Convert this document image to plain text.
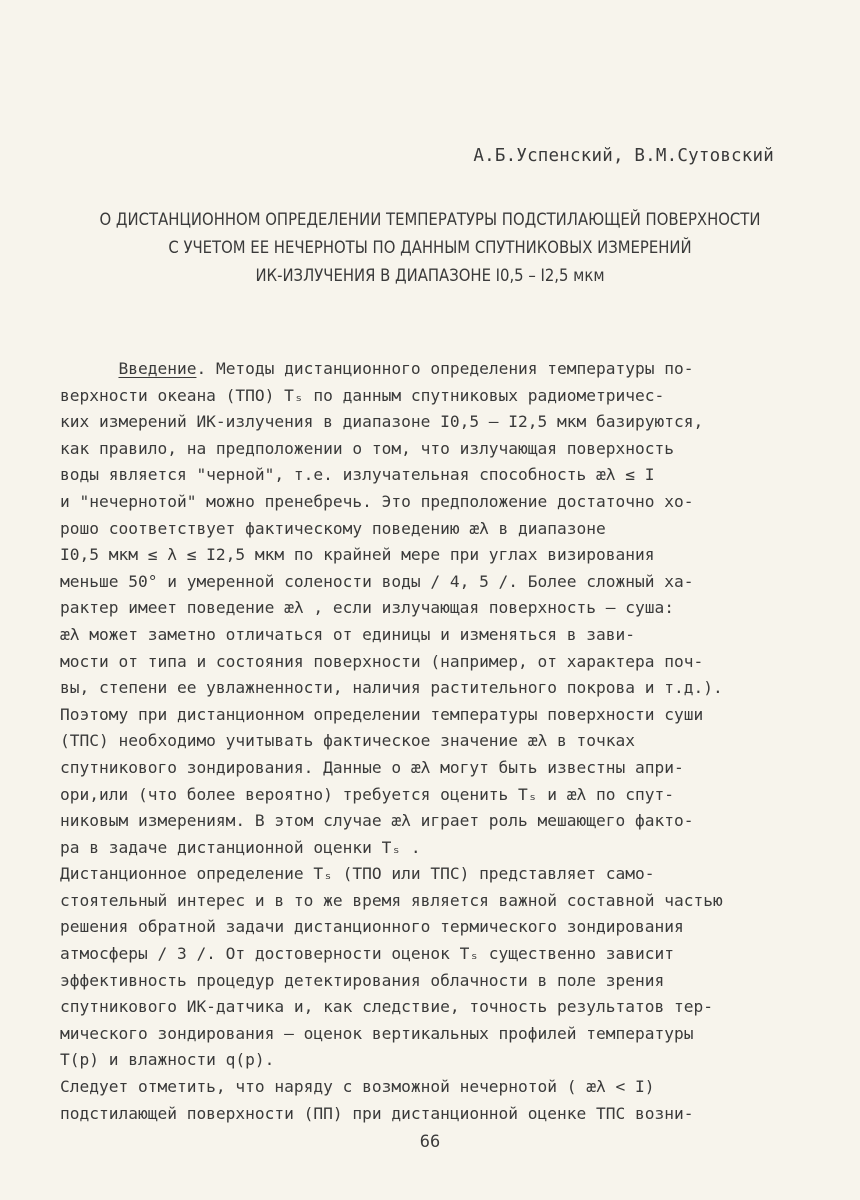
А.Б.Успенский, В.М.Сутовский
О ДИСТАНЦИОННОМ ОПРЕДЕЛЕНИИ ТЕМПЕРАТУРЫ ПОДСТИЛАЮЩЕЙ ПОВЕРХНОСТИ
С УЧЕТОМ ЕЕ НЕЧЕРНОТЫ ПО ДАННЫМ СПУТНИКОВЫХ ИЗМЕРЕНИЙ
ИК-ИЗЛУЧЕНИЯ В ДИАПАЗОНЕ I0,5 – I2,5 мкм
Введение. Методы дистанционного определения температуры по-
верхности океана (ТПО) Tₛ по данным спутниковых радиометричес-
ких измерений ИК-излучения в диапазоне I0,5 – I2,5 мкм базируются,
как правило, на предположении о том, что излучающая поверхность
воды является "черной", т.е. излучательная способность æλ ≤ I
и "нечернотой" можно пренебречь. Это предположение достаточно хо-
рошо соответствует фактическому поведению æλ в диапазоне
I0,5 мкм ≤ λ ≤ I2,5 мкм по крайней мере при углах визирования
меньше 50° и умеренной солености воды / 4, 5 /. Более сложный ха-
рактер имеет поведение æλ , если излучающая поверхность – суша:
æλ может заметно отличаться от единицы и изменяться в зави-
мости от типа и состояния поверхности (например, от характера поч-
вы, степени ее увлажненности, наличия растительного покрова и т.д.).
Поэтому при дистанционном определении температуры поверхности суши
(ТПС) необходимо учитывать фактическое значение æλ в точках
спутникового зондирования. Данные о æλ могут быть известны апри-
ори,или (что более вероятно) требуется оценить Tₛ и æλ по спут-
никовым измерениям. В этом случае æλ играет роль мешающего факто-
ра в задаче дистанционной оценки Tₛ .
Дистанционное определение Tₛ (ТПО или ТПС) представляет само-
стоятельный интерес и в то же время является важной составной частью
решения обратной задачи дистанционного термического зондирования
атмосферы / 3 /. От достоверности оценок Tₛ существенно зависит
эффективность процедур детектирования облачности в поле зрения
спутникового ИК-датчика и, как следствие, точность результатов тер-
мического зондирования – оценок вертикальных профилей температуры
T(p) и влажности q(p).
Следует отметить, что наряду с возможной нечернотой ( æλ < I)
подстилающей поверхности (ПП) при дистанционной оценке ТПС возни-
66
